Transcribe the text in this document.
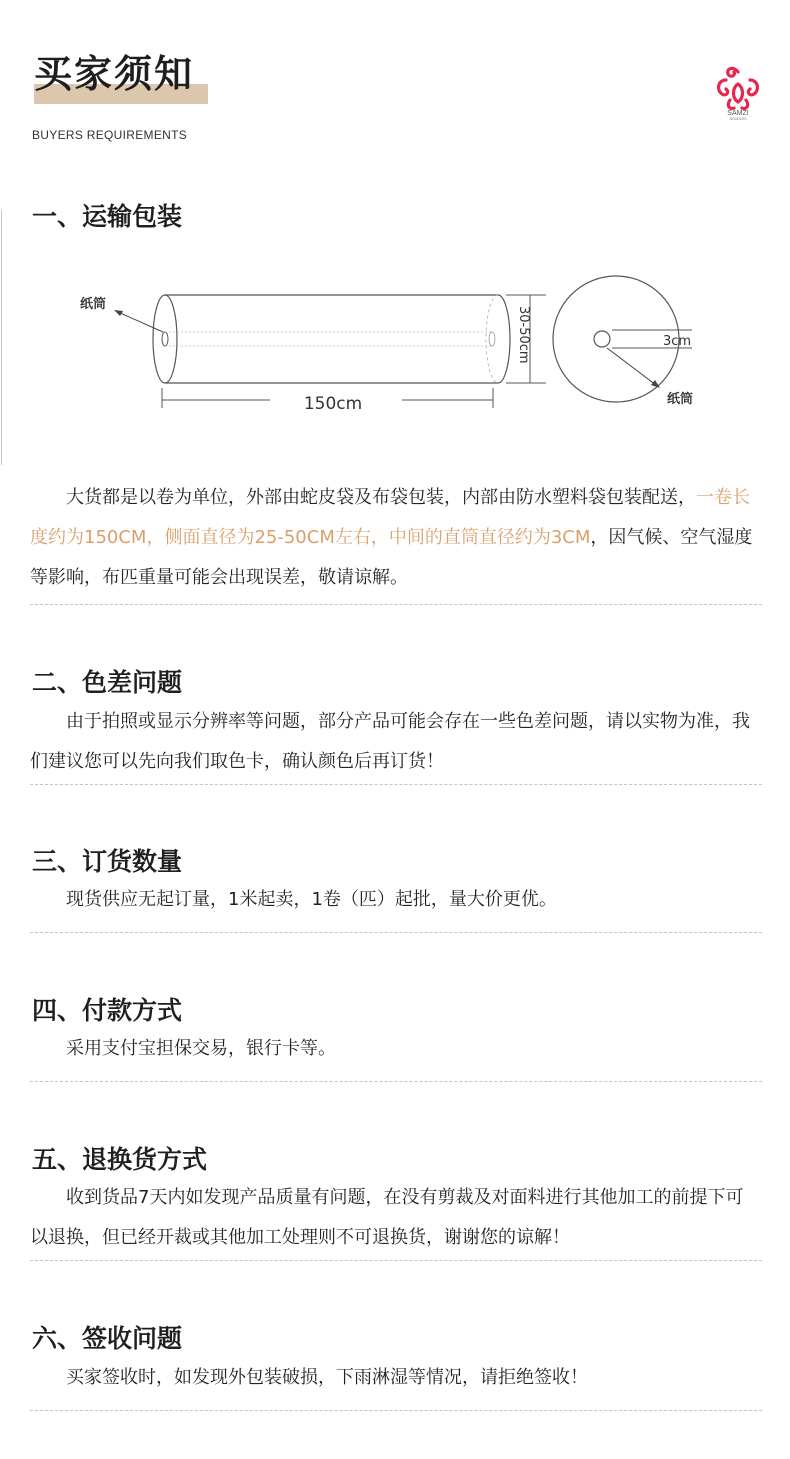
买家须知
BUYERS REQUIREMENTS
SAMZI
NOODLES
一、运输包装
纸筒
150cm
30-50cm	3cm
纸筒
大货都是以卷为单位，外部由蛇皮袋及布袋包装，内部由防水塑料袋包装配送，一卷长度约为150CM，侧面直径为25-50CM左右，中间的直筒直径约为3CM，因气候、空气湿度等影响，布匹重量可能会出现误差，敬请谅解。
二、色差问题
由于拍照或显示分辨率等问题，部分产品可能会存在一些色差问题，请以实物为准，我们建议您可以先向我们取色卡，确认颜色后再订货！
三、订货数量
现货供应无起订量，1米起卖，1卷（匹）起批，量大价更优。
四、付款方式
采用支付宝担保交易，银行卡等。
五、退换货方式
收到货品7天内如发现产品质量有问题，在没有剪裁及对面料进行其他加工的前提下可以退换，但已经开裁或其他加工处理则不可退换货，谢谢您的谅解！
六、签收问题
买家签收时，如发现外包装破损，下雨淋湿等情况，请拒绝签收！
